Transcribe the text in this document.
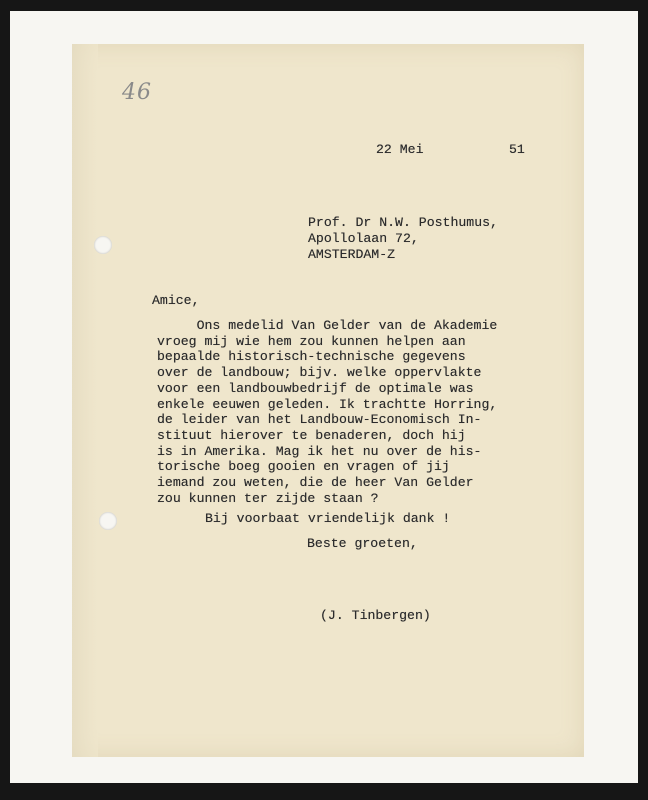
46
22 Mei	51
Prof. Dr N.W. Posthumus,
Apollolaan 72,
AMSTERDAM-Z
Amice,
Ons medelid Van Gelder van de Akademie
vroeg mij wie hem zou kunnen helpen aan
bepaalde historisch-technische gegevens
over de landbouw; bijv. welke oppervlakte
voor een landbouwbedrijf de optimale was
enkele eeuwen geleden. Ik trachtte Horring,
de leider van het Landbouw-Economisch In-
stituut hierover te benaderen, doch hij
is in Amerika. Mag ik het nu over de his-
torische boeg gooien en vragen of jij
iemand zou weten, die de heer Van Gelder
zou kunnen ter zijde staan ?
Bij voorbaat vriendelijk dank !
Beste groeten,
(J. Tinbergen)
